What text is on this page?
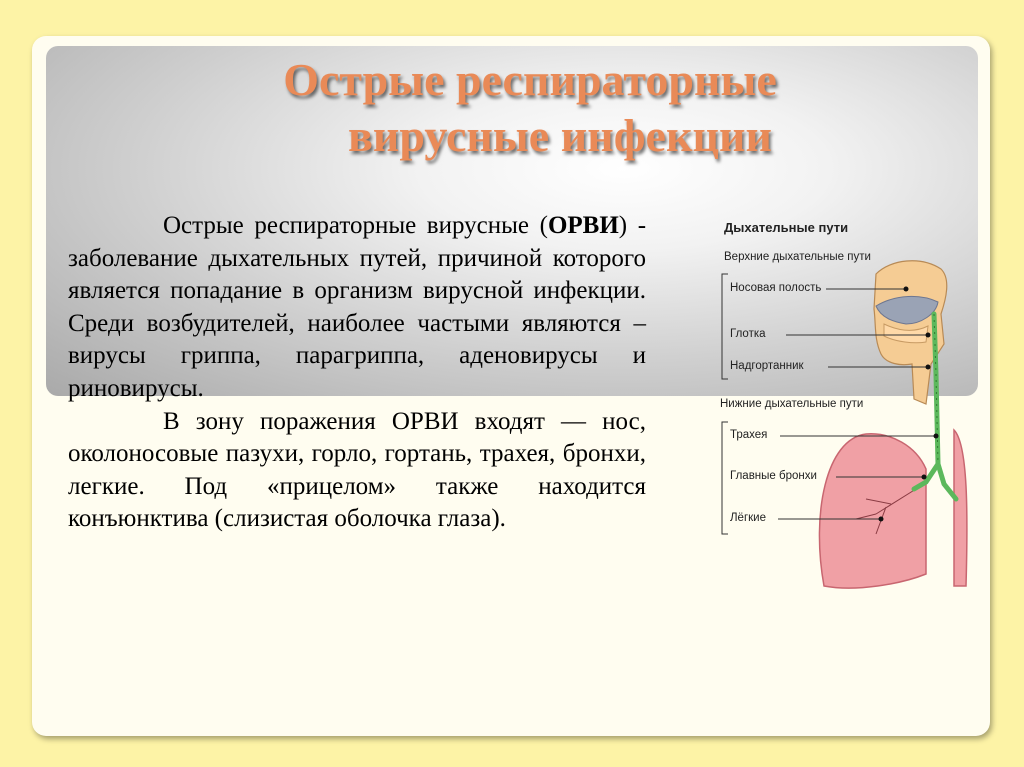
Острые респираторные
вирусные инфекции

Острые респираторные вирусные (ОРВИ) - заболевание дыхательных путей, причиной которого является попадание в организм вирусной инфекции. Среди возбудителей, наиболее частыми являются – вирусы гриппа, парагриппа, аденовирусы и риновирусы.

В зону поражения ОРВИ входят — нос, околоносовые пазухи, горло, гортань, трахея, бронхи, легкие. Под «прицелом» также находится конъюнктива (слизистая оболочка глаза).

Дыхательные пути
Верхние дыхательные пути
Нижние дыхательные пути
Носовая полость
Глотка
Надгортанник
Трахея
Главные бронхи
Лёгкие
